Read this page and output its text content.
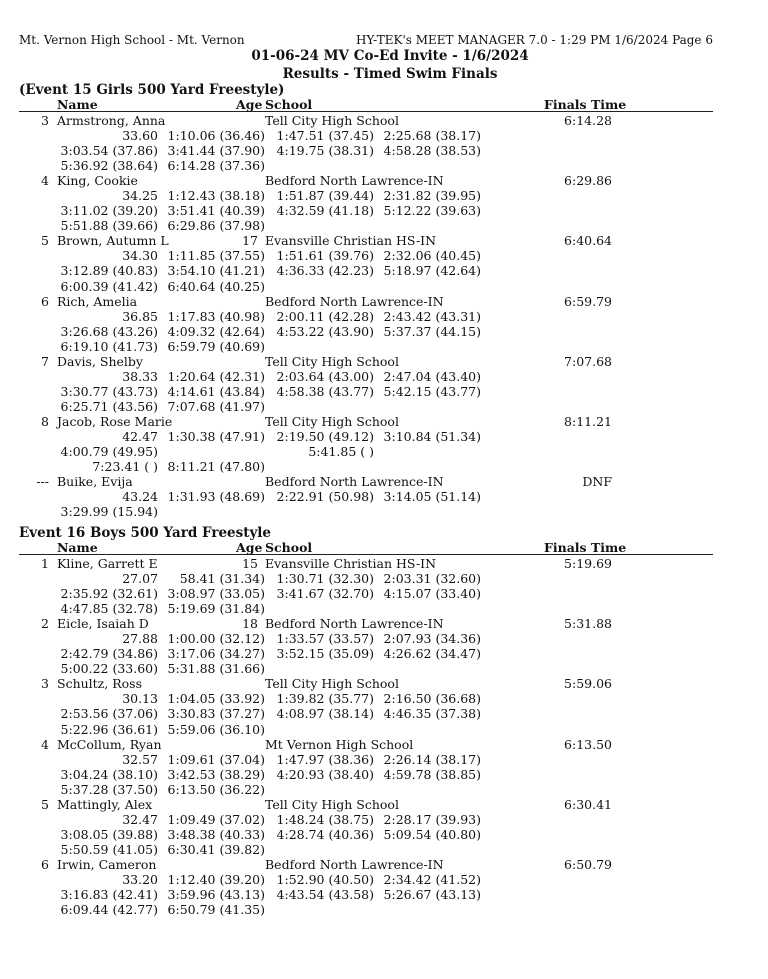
Mt. Vernon High School - Mt. Vernon	HY-TEK's MEET MANAGER 7.0 - 1:29 PM 1/6/2024 Page 6
01-06-24 MV Co-Ed Invite - 1/6/2024
Results - Timed Swim Finals
(Event 15 Girls 500 Yard Freestyle)
Name	Age School	Finals Time
3 Armstrong, Anna	Tell City High School	6:14.28
33.60 1:10.06 (36.46) 1:47.51 (37.45) 2:25.68 (38.17)
3:03.54 (37.86) 3:41.44 (37.90) 4:19.75 (38.31) 4:58.28 (38.53)
5:36.92 (38.64) 6:14.28 (37.36)
4 King, Cookie	Bedford North Lawrence-IN	6:29.86
34.25 1:12.43 (38.18) 1:51.87 (39.44) 2:31.82 (39.95)
3:11.02 (39.20) 3:51.41 (40.39) 4:32.59 (41.18) 5:12.22 (39.63)
5:51.88 (39.66) 6:29.86 (37.98)
5 Brown, Autumn L	17 Evansville Christian HS-IN	6:40.64
34.30 1:11.85 (37.55) 1:51.61 (39.76) 2:32.06 (40.45)
3:12.89 (40.83) 3:54.10 (41.21) 4:36.33 (42.23) 5:18.97 (42.64)
6:00.39 (41.42) 6:40.64 (40.25)
6 Rich, Amelia	Bedford North Lawrence-IN	6:59.79
36.85 1:17.83 (40.98) 2:00.11 (42.28) 2:43.42 (43.31)
3:26.68 (43.26) 4:09.32 (42.64) 4:53.22 (43.90) 5:37.37 (44.15)
6:19.10 (41.73) 6:59.79 (40.69)
7 Davis, Shelby	Tell City High School	7:07.68
38.33 1:20.64 (42.31) 2:03.64 (43.00) 2:47.04 (43.40)
3:30.77 (43.73) 4:14.61 (43.84) 4:58.38 (43.77) 5:42.15 (43.77)
6:25.71 (43.56) 7:07.68 (41.97)
8 Jacob, Rose Marie	Tell City High School	8:11.21
42.47 1:30.38 (47.91) 2:19.50 (49.12) 3:10.84 (51.34)
4:00.79 (49.95)	5:41.85 ( )
7:23.41 ( ) 8:11.21 (47.80)
--- Buike, Evija	Bedford North Lawrence-IN	DNF
43.24 1:31.93 (48.69) 2:22.91 (50.98) 3:14.05 (51.14)
3:29.99 (15.94)
Event 16 Boys 500 Yard Freestyle
Name	Age School	Finals Time
1 Kline, Garrett E	15 Evansville Christian HS-IN	5:19.69
27.07	58.41 (31.34) 1:30.71 (32.30) 2:03.31 (32.60)
2:35.92 (32.61) 3:08.97 (33.05) 3:41.67 (32.70) 4:15.07 (33.40)
4:47.85 (32.78) 5:19.69 (31.84)
2 Eicle, Isaiah D	18 Bedford North Lawrence-IN	5:31.88
27.88 1:00.00 (32.12) 1:33.57 (33.57) 2:07.93 (34.36)
2:42.79 (34.86) 3:17.06 (34.27) 3:52.15 (35.09) 4:26.62 (34.47)
5:00.22 (33.60) 5:31.88 (31.66)
3 Schultz, Ross	Tell City High School	5:59.06
30.13 1:04.05 (33.92) 1:39.82 (35.77) 2:16.50 (36.68)
2:53.56 (37.06) 3:30.83 (37.27) 4:08.97 (38.14) 4:46.35 (37.38)
5:22.96 (36.61) 5:59.06 (36.10)
4 McCollum, Ryan	Mt Vernon High School	6:13.50
32.57 1:09.61 (37.04) 1:47.97 (38.36) 2:26.14 (38.17)
3:04.24 (38.10) 3:42.53 (38.29) 4:20.93 (38.40) 4:59.78 (38.85)
5:37.28 (37.50) 6:13.50 (36.22)
5 Mattingly, Alex	Tell City High School	6:30.41
32.47 1:09.49 (37.02) 1:48.24 (38.75) 2:28.17 (39.93)
3:08.05 (39.88) 3:48.38 (40.33) 4:28.74 (40.36) 5:09.54 (40.80)
5:50.59 (41.05) 6:30.41 (39.82)
6 Irwin, Cameron	Bedford North Lawrence-IN	6:50.79
33.20 1:12.40 (39.20) 1:52.90 (40.50) 2:34.42 (41.52)
3:16.83 (42.41) 3:59.96 (43.13) 4:43.54 (43.58) 5:26.67 (43.13)
6:09.44 (42.77) 6:50.79 (41.35)
